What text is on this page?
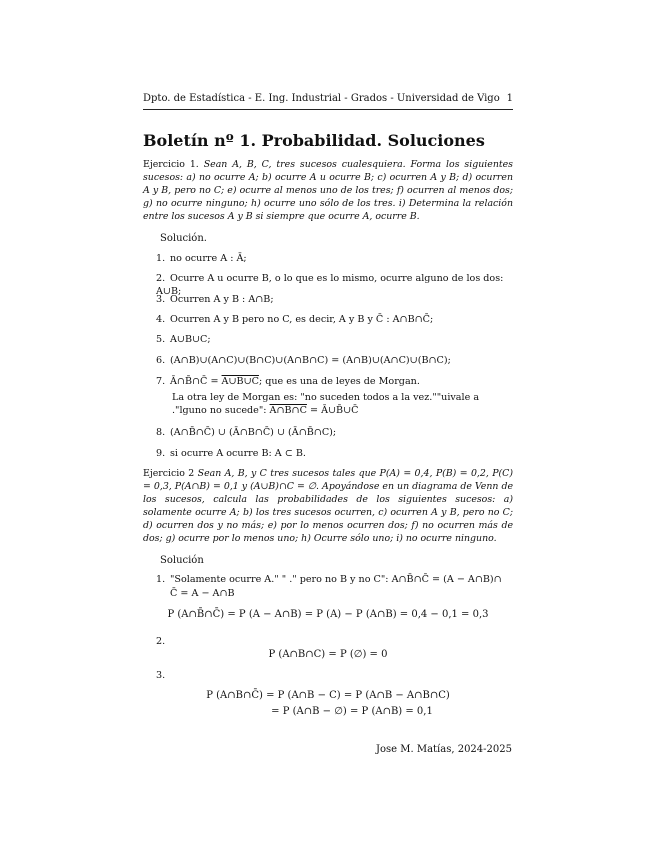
Dpto. de Estadística - E. Ing. Industrial - Grados - Universidad de Vigo 1
Boletín nº 1. Probabilidad. Soluciones
Ejercicio 1. Sean A, B, C, tres sucesos cualesquiera. Forma los siguientes sucesos: a) no ocurre A; b) ocurre A u ocurre B; c) ocurren A y B; d) ocurren A y B, pero no C; e) ocurre al menos uno de los tres; f) ocurren al menos dos; g) no ocurre ninguno; h) ocurre uno sólo de los tres. i) Determina la relación entre los sucesos A y B si siempre que ocurre A, ocurre B.
Solución.
1. no ocurre A : Ā;
2. Ocurre A u ocurre B, o lo que es lo mismo, ocurre alguno de los dos: A∪B;
3. Ocurren A y B : A∩B;
4. Ocurren A y B pero no C, es decir, A y B y C̄ : A∩B∩C̄;
5. A∪B∪C;
6. (A∩B)∪(A∩C)∪(B∩C)∪(A∩B∩C) = (A∩B)∪(A∩C)∪(B∩C);
7. Ā∩B̄∩C̄ = A∪B∪C; que es una de leyes de Morgan.
La otra ley de Morgan es: "no suceden todos a la vez.""uivale a ."lguno no sucede": A∩B∩C = Ā∪B̄∪C̄
8. (A∩B̄∩C̄) ∪ (Ā∩B∩C̄) ∪ (Ā∩B̄∩C);
9. si ocurre A ocurre B: A ⊂ B.
Ejercicio 2 Sean A, B, y C tres sucesos tales que P(A) = 0,4, P(B) = 0,2, P(C) = 0,3, P(A∩B) = 0,1 y (A∪B)∩C = ∅. Apoyándose en un diagrama de Venn de los sucesos, calcula las probabilidades de los siguientes sucesos: a) solamente ocurre A; b) los tres sucesos ocurren, c) ocurren A y B, pero no C; d) ocurren dos y no más; e) por lo menos ocurren dos; f) no ocurren más de dos; g) ocurre por lo menos uno; h) Ocurre sólo uno; i) no ocurre ninguno.
Solución
1. "Solamente ocurre A." " ." pero no B y no C": A∩B̄∩C̄ = (A − A∩B)∩
C̄ = A − A∩B
P (A∩B̄∩C̄) = P (A − A∩B) = P (A) − P (A∩B) = 0,4 − 0,1 = 0,3
2.
P (A∩B∩C) = P (∅) = 0
3.
P (A∩B∩C̄) = P (A∩B − C) = P (A∩B − A∩B∩C)
= P (A∩B − ∅) = P (A∩B) = 0,1
Jose M. Matías, 2024-2025
